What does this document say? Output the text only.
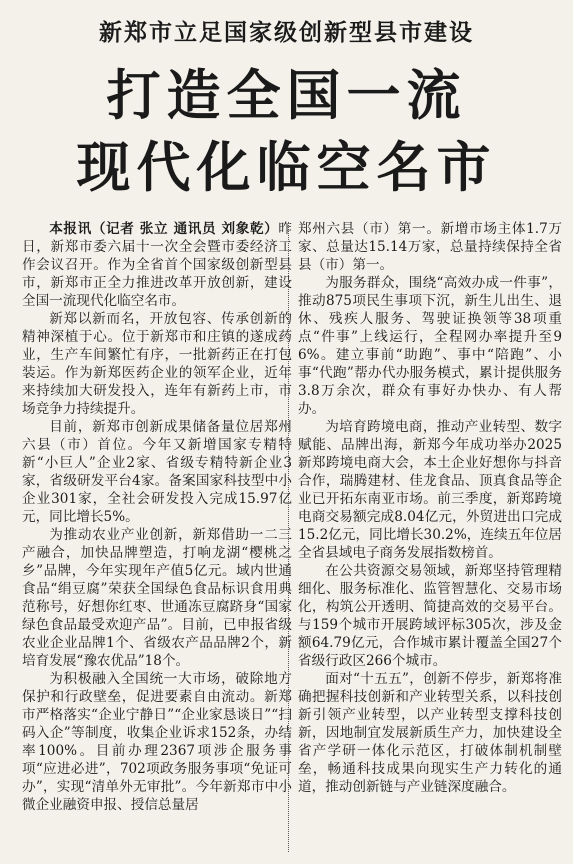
新郑市立足国家级创新型县市建设
打造全国一流
现代化临空名市

本报讯（记者 张立 通讯员 刘象乾）昨日，新郑市委六届十一次全会暨市委经济工作会议召开。作为全省首个国家级创新型县市，新郑市正全力推进改革开放创新，建设全国一流现代化临空名市。

新郑以新而名，开放包容、传承创新的精神深植于心。位于新郑市和庄镇的遂成药业，生产车间繁忙有序，一批新药正在打包装运。作为新郑医药企业的领军企业，近年来持续加大研发投入，连年有新药上市，市场竞争力持续提升。

目前，新郑市创新成果储备量位居郑州六县（市）首位。今年又新增国家专精特新“小巨人”企业2家、省级专精特新企业3家，省级研发平台4家。备案国家科技型中小企业301家，全社会研发投入完成15.97亿元，同比增长5%。

为推动农业产业创新，新郑借助一二三产融合，加快品牌塑造，打响龙湖“樱桃之乡”品牌，今年实现年产值5亿元。域内世通食品“绢豆腐”荣获全国绿色食品标识食用典范称号，好想你红枣、世通冻豆腐跻身“国家绿色食品最受欢迎产品”。目前，已申报省级农业企业品牌1个、省级农产品品牌2个，新培育发展“豫农优品”18个。

为积极融入全国统一大市场，破除地方保护和行政壁垒，促进要素自由流动。新郑市严格落实“企业宁静日”“企业家恳谈日”“扫码入企”等制度，收集企业诉求152条，办结率100%。目前办理2367项涉企服务事项“应进必进”，702项政务服务事项“免证可办”，实现“清单外无审批”。今年新郑市中小微企业融资申报、授信总量居

郑州六县（市）第一。新增市场主体1.7万家、总量达15.14万家，总量持续保持全省县（市）第一。

为服务群众，围绕“高效办成一件事”，推动875项民生事项下沉，新生儿出生、退休、残疾人服务、驾驶证换领等38项重点“件事”上线运行，全程网办率提升至96%。建立事前“助跑”、事中“陪跑”、小事“代跑”帮办代办服务模式，累计提供服务3.8万余次，群众有事好办快办、有人帮办。

为培育跨境电商，推动产业转型、数字赋能、品牌出海，新郑今年成功举办2025新郑跨境电商大会，本土企业好想你与抖音合作，瑞腾建材、佳龙食品、顶真食品等企业已开拓东南亚市场。前三季度，新郑跨境电商交易额完成8.04亿元，外贸进出口完成15.2亿元，同比增长30.2%，连续五年位居全省县域电子商务发展指数榜首。

在公共资源交易领域，新郑坚持管理精细化、服务标准化、监管智慧化、交易市场化，构筑公开透明、简捷高效的交易平台。与159个城市开展跨域评标305次，涉及金额64.79亿元，合作城市累计覆盖全国27个省级行政区266个城市。

面对“十五五”，创新不停步，新郑将准确把握科技创新和产业转型关系，以科技创新引领产业转型，以产业转型支撑科技创新，因地制宜发展新质生产力，加快建设全省产学研一体化示范区，打破体制机制壁垒，畅通科技成果向现实生产力转化的通道，推动创新链与产业链深度融合。
